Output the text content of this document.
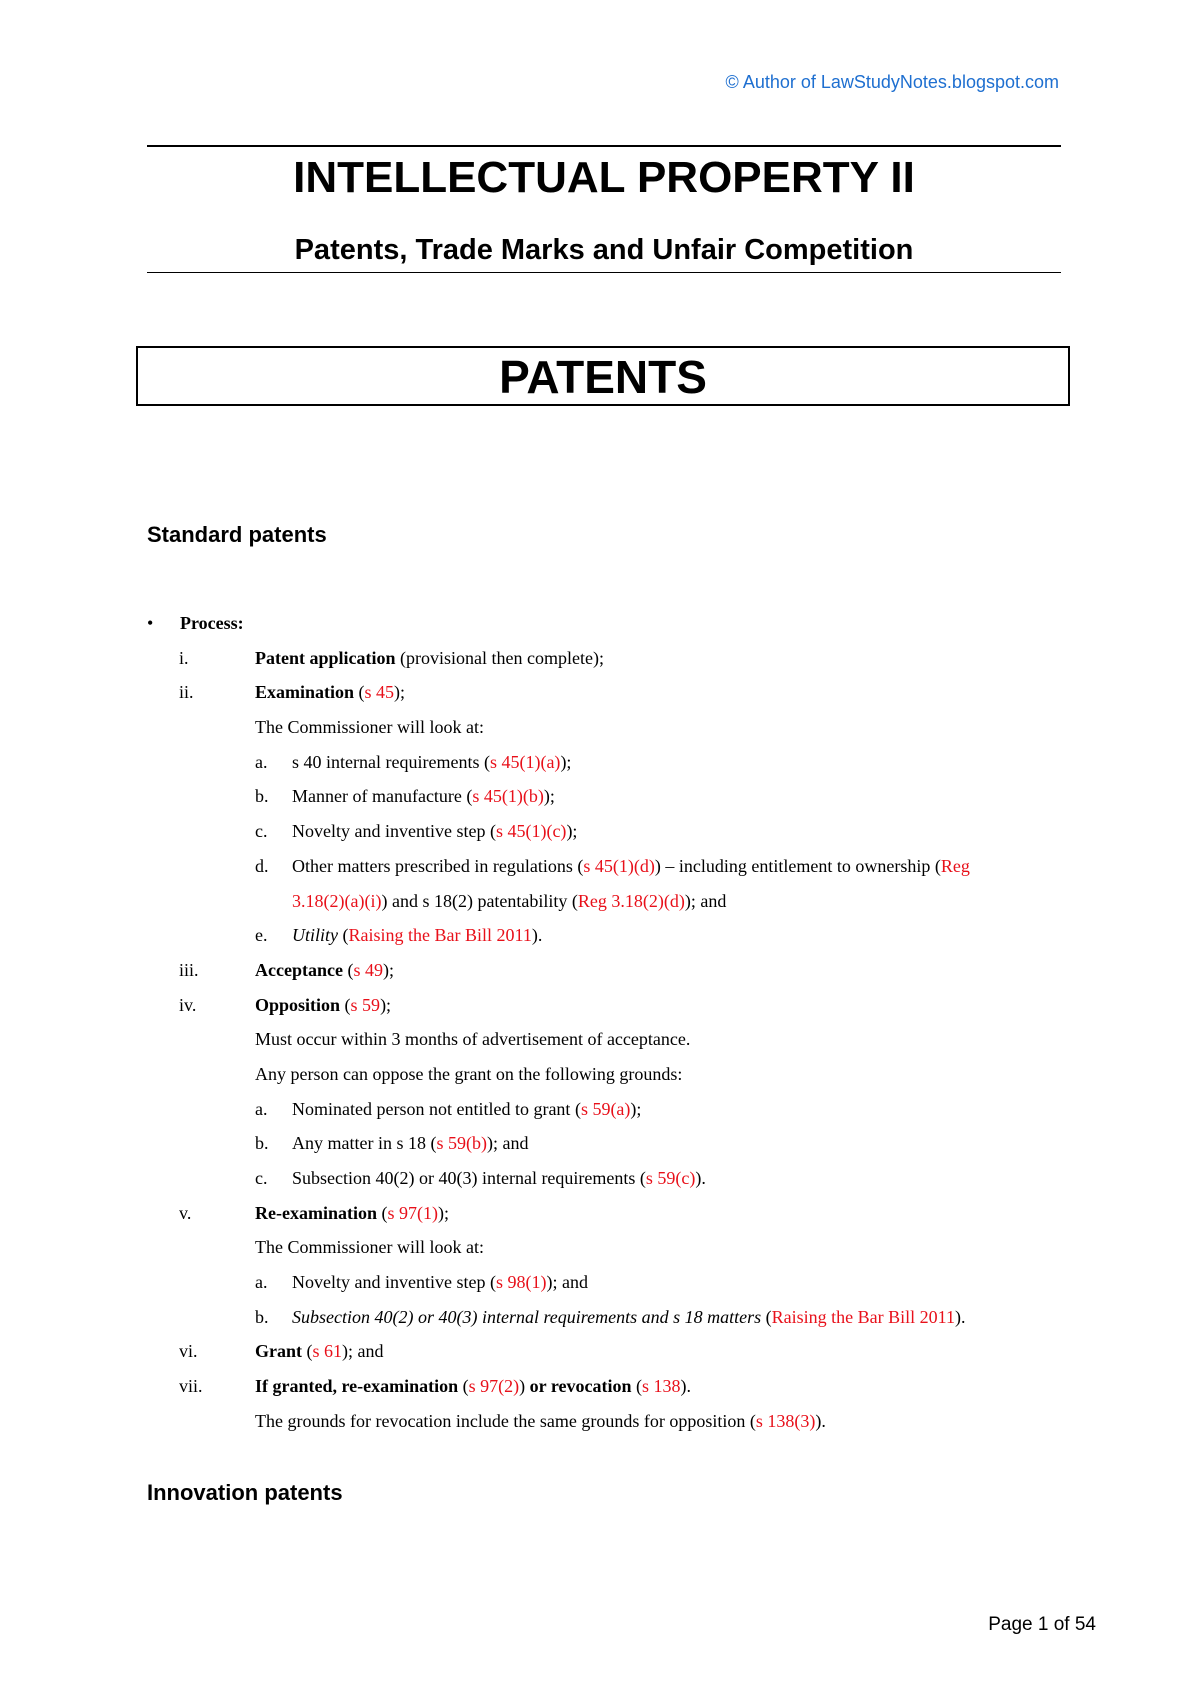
© Author of LawStudyNotes.blogspot.com
INTELLECTUAL PROPERTY II
Patents, Trade Marks and Unfair Competition
PATENTS
Standard patents
• Process:
i.	Patent application (provisional then complete);
ii.	Examination (s 45);
The Commissioner will look at:
a. s 40 internal requirements (s 45(1)(a));
b. Manner of manufacture (s 45(1)(b));
c. Novelty and inventive step (s 45(1)(c));
d. Other matters prescribed in regulations (s 45(1)(d)) – including entitlement to ownership (Reg
3.18(2)(a)(i)) and s 18(2) patentability (Reg 3.18(2)(d)); and
e. Utility (Raising the Bar Bill 2011).
iii.	Acceptance (s 49);
iv.	Opposition (s 59);
Must occur within 3 months of advertisement of acceptance.
Any person can oppose the grant on the following grounds:
a. Nominated person not entitled to grant (s 59(a));
b. Any matter in s 18 (s 59(b)); and
c. Subsection 40(2) or 40(3) internal requirements (s 59(c)).
v.	Re-examination (s 97(1));
The Commissioner will look at:
a. Novelty and inventive step (s 98(1)); and
b. Subsection 40(2) or 40(3) internal requirements and s 18 matters (Raising the Bar Bill 2011).
vi.	Grant (s 61); and
vii.	If granted, re-examination (s 97(2)) or revocation (s 138).
The grounds for revocation include the same grounds for opposition (s 138(3)).
Innovation patents
Page 1 of 54
